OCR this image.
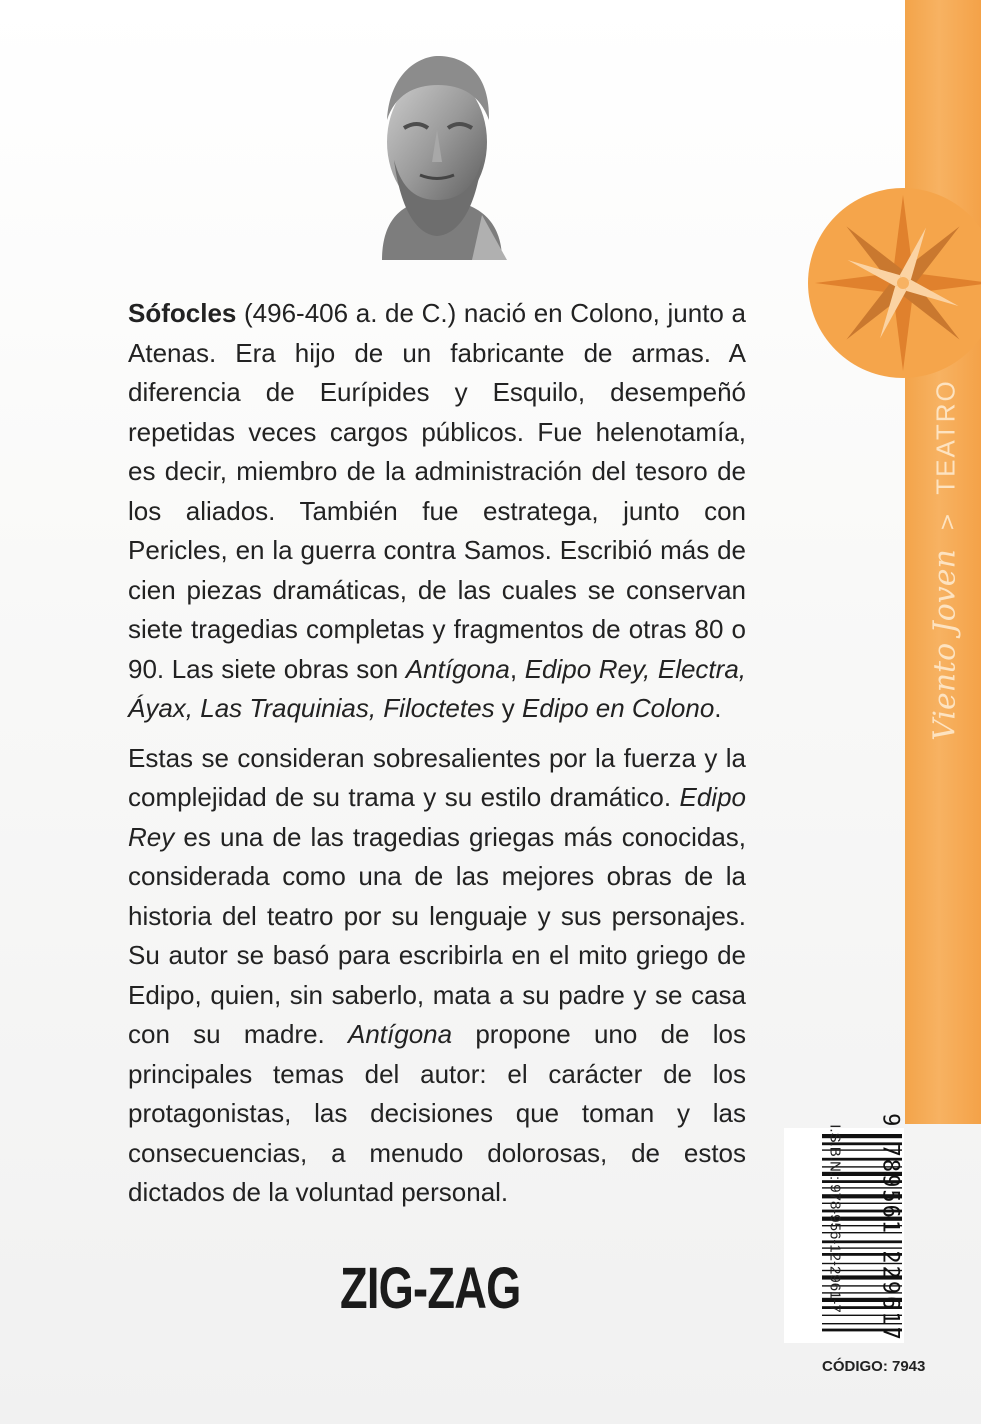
Viento Joven>TEATRO

Sófocles (496-406 a. de C.) nació en Colono, junto a Atenas. Era hijo de un fabricante de armas. A diferencia de Eurípides y Esquilo, desempeñó repetidas veces cargos públicos. Fue helenotamía, es decir, miembro de la administración del tesoro de los aliados. También fue estratega, junto con Pericles, en la guerra contra Samos. Escribió más de cien piezas dramáticas, de las cuales se conservan siete tragedias completas y fragmentos de otras 80 o 90. Las siete obras son Antígona, Edipo Rey, Electra, Áyax, Las Traquinias, Filoctetes y Edipo en Colono.

Estas se consideran sobresalientes por la fuerza y la complejidad de su trama y su estilo dramático. Edipo Rey es una de las tragedias griegas más conocidas, considerada como una de las mejores obras de la historia del teatro por su lenguaje y sus personajes. Su autor se basó para escribirla en el mito griego de Edipo, quien, sin saberlo, mata a su padre y se casa con su madre. Antígona propone uno de los principales temas del autor: el carácter de los protagonistas, las decisiones que toman y las consecuencias, a menudo dolorosas, de estos dictados de la voluntad personal.

ZIG-ZAG	I.S.B.N.: 978-956-12-2961-7 9 789561 229617
CÓDIGO: 7943
